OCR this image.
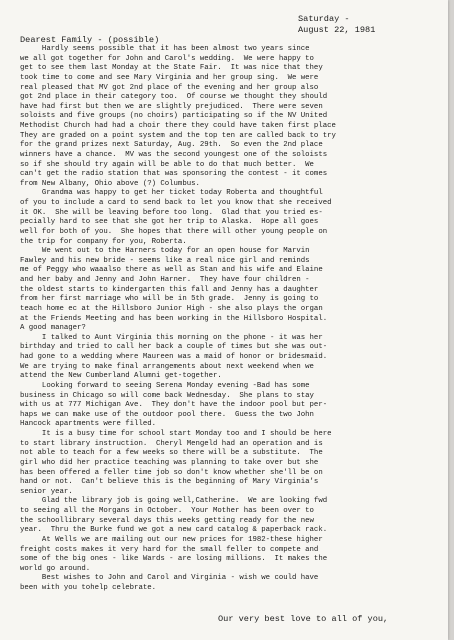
Saturday -
August 22, 1981
Dearest Family - (possible)
Hardly seems possible that it has been almost two years since
we all got together for John and Carol's wedding.  We were happy to
get to see them last Monday at the State Fair.  It was nice that they
took time to come and see Mary Virginia and her group sing.  We were
real pleased that MV got 2nd place of the evening and her group also
got 2nd place in their category too.  Of course we thought they should
have had first but then we are slightly prejudiced.  There were seven
soloists and five groups (no choirs) participating so if the NV United
Methodist Church had had a choir there they could have taken first place
They are graded on a point system and the top ten are called back to try
for the grand prizes next Saturday, Aug. 29th.  So even the 2nd place
winners have a chance.  MV was the second youngest one of the soloists
so if she should try again will be able to do that much better.  We
can't get the radio station that was sponsoring the contest - it comes
from New Albany, Ohio above (?) Columbus.
Grandma was happy to get her ticket today Roberta and thoughtful
of you to include a card to send back to let you know that she received
it OK.  She will be leaving before too long.  Glad that you tried es-
pecially hard to see that she got her trip to Alaska.  Hope all goes
well for both of you.  She hopes that there will other young people on
the trip for company for you, Roberta.
We went out to the Harners today for an open house for Marvin
Fawley and his new bride - seems like a real nice girl and reminds
me of Peggy who waaalso there as well as Stan and his wife and Elaine
and her baby and Jenny and John Harner.  They have four children -
the oldest starts to kindergarten this fall and Jenny has a daughter
from her first marriage who will be in 5th grade.  Jenny is going to
teach home ec at the Hillsboro Junior High - she also plays the organ
at the Friends Meeting and has been working in the Hillsboro Hospital.
A good manager?
I talked to Aunt Virginia this morning on the phone - it was her
birthday and tried to call her back a couple of times but she was out-
had gone to a wedding where Maureen was a maid of honor or bridesmaid.
We are trying to make final arrangements about next weekend when we
attend the New Cumberland Alumni get-together.
Looking forward to seeing Serena Monday evening -Bad has some
business in Chicago so will come back Wednesday.  She plans to stay
with us at 777 Michigan Ave.  They don't have the indoor pool but per-
haps we can make use of the outdoor pool there.  Guess the two John
Hancock apartments were filled.
It is a busy time for school start Monday too and I should be here
to start library instruction.  Cheryl Mengeld had an operation and is
not able to teach for a few weeks so there will be a substitute.  The
girl who did her practice teaching was planning to take over but she
has been offered a feller time job so don't know whether she'll be on
hand or not.  Can't believe this is the beginning of Mary Virginia's
senior year.
Glad the library job is going well,Catherine.  We are looking fwd
to seeing all the Morgans in October.  Your Mother has been over to
the schoollibrary several days this weeks getting ready for the new
year.  Thru the Burke fund we got a new card catalog & paperback rack.
At Wells we are mailing out our new prices for 1982-these higher
freight costs makes it very hard for the small feller to compete and
some of the big ones - like Wards - are losing millions.  It makes the
world go around.
Best wishes to John and Carol and Virginia - wish we could have
been with you tohelp celebrate.
Our very best love to all of you,
